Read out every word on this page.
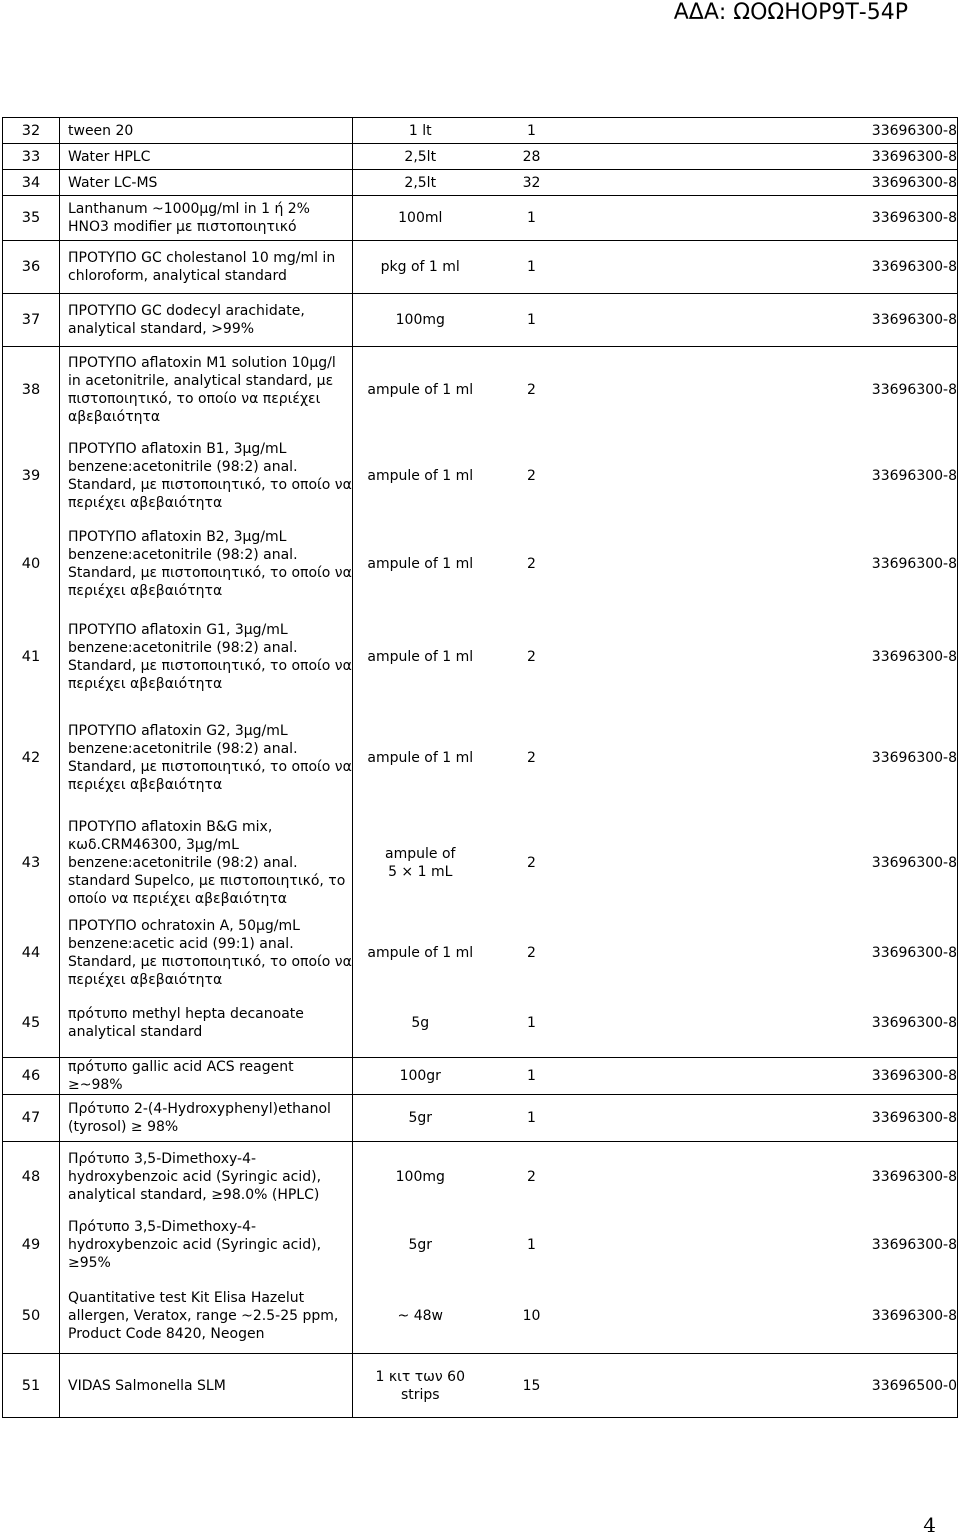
ΑΔΑ: ΩΟΩΗΟΡ9Τ-54Ρ
32	tween 20	1 lt	1	33696300-8
33	Water HPLC	2,5lt	28	33696300-8
34	Water LC-MS	2,5lt	32	33696300-8
35	Lanthanum ~1000μg/ml in 1 ή 2%
HNO3 modifier με πιστοποιητικό	100ml	1	33696300-8
36	ΠΡΟΤΥΠΟ GC cholestanol 10 mg/ml in
chloroform, analytical standard	pkg of 1 ml	1	33696300-8
37	ΠΡΟΤΥΠΟ GC dodecyl arachidate,
analytical standard, >99%	100mg	1	33696300-8
38	ΠΡΟΤΥΠΟ aflatoxin M1 solution 10μg/l
in acetonitrile, analytical standard, με
πιστοποιητικό, το οποίο να περιέχει
αβεβαιότητα	ampule of 1 ml	2	33696300-8
39	ΠΡΟΤΥΠΟ aflatoxin B1, 3μg/mL
benzene:acetonitrile (98:2) anal.
Standard, με πιστοποιητικό, το οποίο να
περιέχει αβεβαιότητα	ampule of 1 ml	2	33696300-8
40	ΠΡΟΤΥΠΟ aflatoxin B2, 3μg/mL
benzene:acetonitrile (98:2) anal.
Standard, με πιστοποιητικό, το οποίο να
περιέχει αβεβαιότητα	ampule of 1 ml	2	33696300-8
41	ΠΡΟΤΥΠΟ aflatoxin G1, 3μg/mL
benzene:acetonitrile (98:2) anal.
Standard, με πιστοποιητικό, το οποίο να
περιέχει αβεβαιότητα	ampule of 1 ml	2	33696300-8
42	ΠΡΟΤΥΠΟ aflatoxin G2, 3μg/mL
benzene:acetonitrile (98:2) anal.
Standard, με πιστοποιητικό, το οποίο να
περιέχει αβεβαιότητα	ampule of 1 ml	2	33696300-8
43	ΠΡΟΤΥΠΟ aflatoxin B&G mix,
κωδ.CRM46300, 3μg/mL
benzene:acetonitrile (98:2) anal.
standard Supelco, με πιστοποιητικό, το
οποίο να περιέχει αβεβαιότητα	ampule of
5 × 1 mL	2	33696300-8
44	ΠΡΟΤΥΠΟ ochratoxin A, 50μg/mL
benzene:acetic acid (99:1) anal.
Standard, με πιστοποιητικό, το οποίο να
περιέχει αβεβαιότητα	ampule of 1 ml	2	33696300-8
45	πρότυπο methyl hepta decanoate
analytical standard	5g	1	33696300-8
46	πρότυπο gallic acid ACS reagent ≥~98%	100gr	1	33696300-8
47	Πρότυπο 2-(4-Hydroxyphenyl)ethanol
(tyrosol) ≥ 98%	5gr	1	33696300-8
48	Πρότυπο 3,5-Dimethoxy-4-
hydroxybenzoic acid (Syringic acid),
analytical standard, ≥98.0% (HPLC)	100mg	2	33696300-8
49	Πρότυπο 3,5-Dimethoxy-4-
hydroxybenzoic acid (Syringic acid),
≥95%	5gr	1	33696300-8
50	Quantitative test Kit Elisa Hazelut
allergen, Veratox, range ~2.5-25 ppm,
Product Code 8420, Neogen	~ 48w	10	33696300-8
51	VIDAS Salmonella SLM	1 κιτ των 60
strips	15	33696500-0
4
